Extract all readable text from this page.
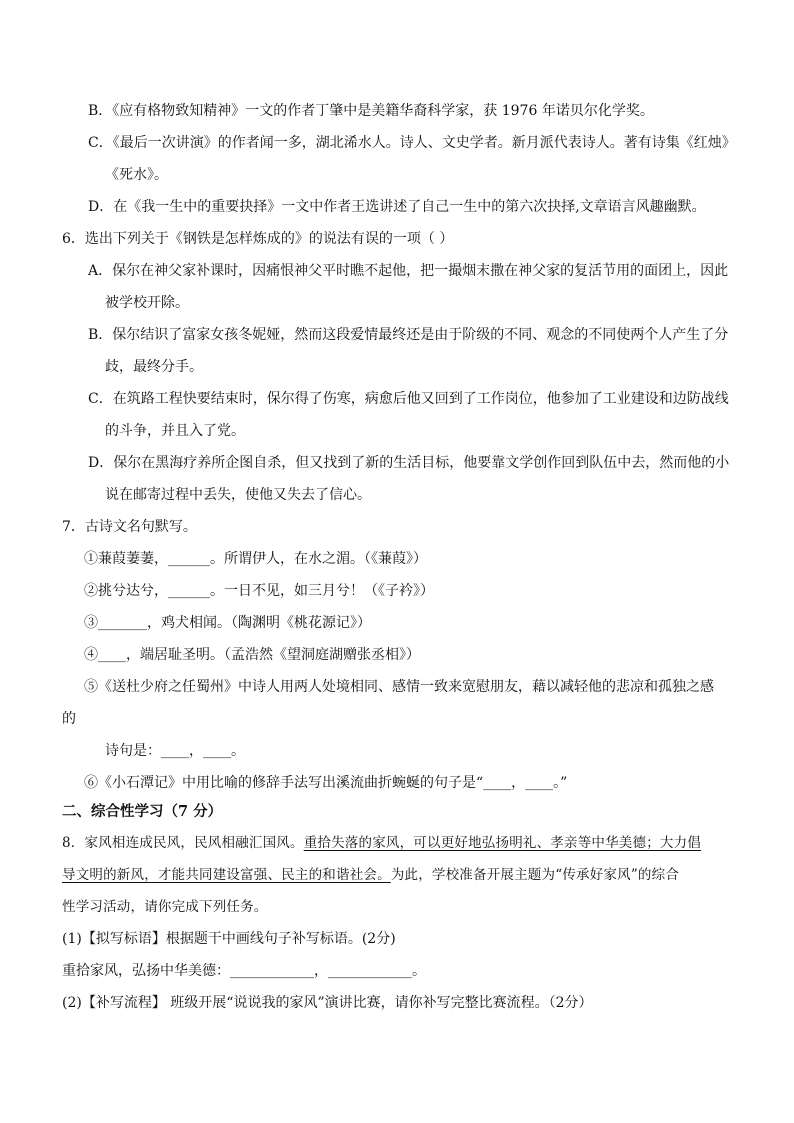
B．《应有格物致知精神》一文的作者丁肇中是美籍华裔科学家，获 1976 年诺贝尔化学奖。
C．《最后一次讲演》的作者闻一多，湖北浠水人。诗人、文史学者。新月派代表诗人。著有诗集《红烛》
《死水》。
D．在《我一生中的重要抉择》一文中作者王选讲述了自己一生中的第六次抉择,文章语言风趣幽默。
6．选出下列关于《钢铁是怎样炼成的》的说法有误的一项（ ）
A．保尔在神父家补课时，因痛恨神父平时瞧不起他，把一撮烟末撒在神父家的复活节用的面团上，因此
被学校开除。
B．保尔结识了富家女孩冬妮娅，然而这段爱情最终还是由于阶级的不同、观念的不同使两个人产生了分
歧，最终分手。
C．在筑路工程快要结束时，保尔得了伤寒，病愈后他又回到了工作岗位，他参加了工业建设和边防战线
的斗争，并且入了党。
D．保尔在黑海疗养所企图自杀，但又找到了新的生活目标，他要靠文学创作回到队伍中去，然而他的小
说在邮寄过程中丢失，使他又失去了信心。
7．古诗文名句默写。
①蒹葭萋萋，______。所谓伊人，在水之湄。（《蒹葭》）
②挑兮达兮，______。一日不见，如三月兮！（《子衿》）
③_______，鸡犬相闻。（陶渊明《桃花源记》）
④____，端居耻圣明。（孟浩然《望洞庭湖赠张丞相》）
⑤《送杜少府之任蜀州》中诗人用两人处境相同、感情一致来宽慰朋友，藉以减轻他的悲凉和孤独之感
的
诗句是：____，____。
⑥《小石潭记》中用比喻的修辞手法写出溪流曲折蜿蜒的句子是“____，____。”
二、综合性学习（7 分）
8．家风相连成民风，民风相融汇国风。重拾失落的家风，可以更好地弘扬明礼、孝亲等中华美德；大力倡
导文明的新风，才能共同建设富强、民主的和谐社会。为此，学校准备开展主题为“传承好家风”的综合
性学习活动，请你完成下列任务。
(1)【拟写标语】根据题干中画线句子补写标语。(2分)
重拾家风，弘扬中华美德：____________，____________。
(2)【补写流程】 班级开展“说说我的家风”演讲比赛，请你补写完整比赛流程。（2分）
